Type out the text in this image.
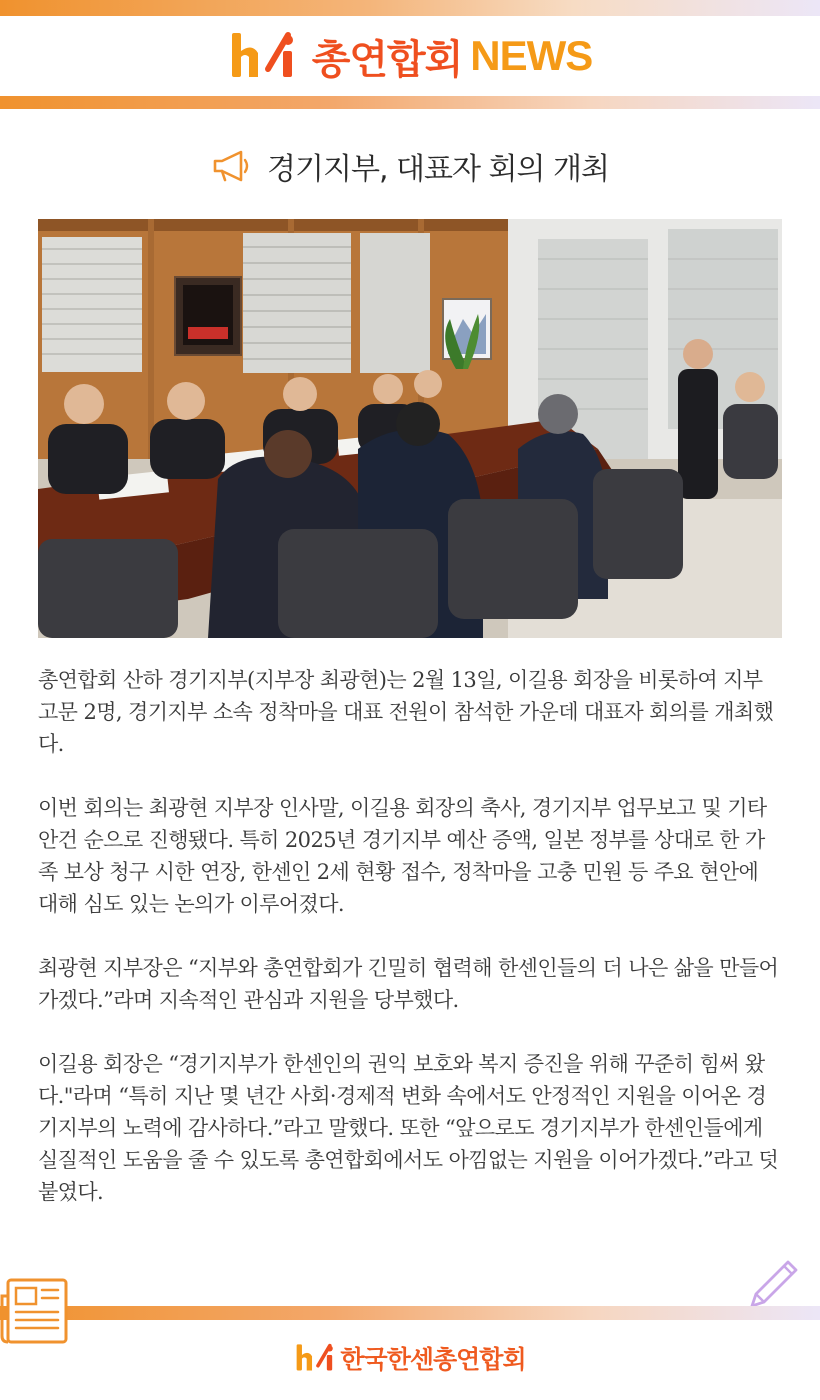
총연합회 NEWS
경기지부, 대표자 회의 개최

총연합회 산하 경기지부(지부장 최광현)는 2월 13일, 이길용 회장을 비롯하여 지부 고문 2명, 경기지부 소속 정착마을 대표 전원이 참석한 가운데 대표자 회의를 개최했다.

이번 회의는 최광현 지부장 인사말, 이길용 회장의 축사, 경기지부 업무보고 및 기타 안건 순으로 진행됐다. 특히 2025년 경기지부 예산 증액, 일본 정부를 상대로 한 가족 보상 청구 시한 연장, 한센인 2세 현황 접수, 정착마을 고충 민원 등 주요 현안에 대해 심도 있는 논의가 이루어졌다.

최광현 지부장은 “지부와 총연합회가 긴밀히 협력해 한센인들의 더 나은 삶을 만들어 가겠다.”라며 지속적인 관심과 지원을 당부했다.

이길용 회장은 “경기지부가 한센인의 권익 보호와 복지 증진을 위해 꾸준히 힘써 왔다."라며 “특히 지난 몇 년간 사회·경제적 변화 속에서도 안정적인 지원을 이어온 경기지부의 노력에 감사하다.”라고 말했다. 또한 “앞으로도 경기지부가 한센인들에게 실질적인 도움을 줄 수 있도록 총연합회에서도 아낌없는 지원을 이어가겠다.”라고 덧붙였다.

한국한센총연합회
